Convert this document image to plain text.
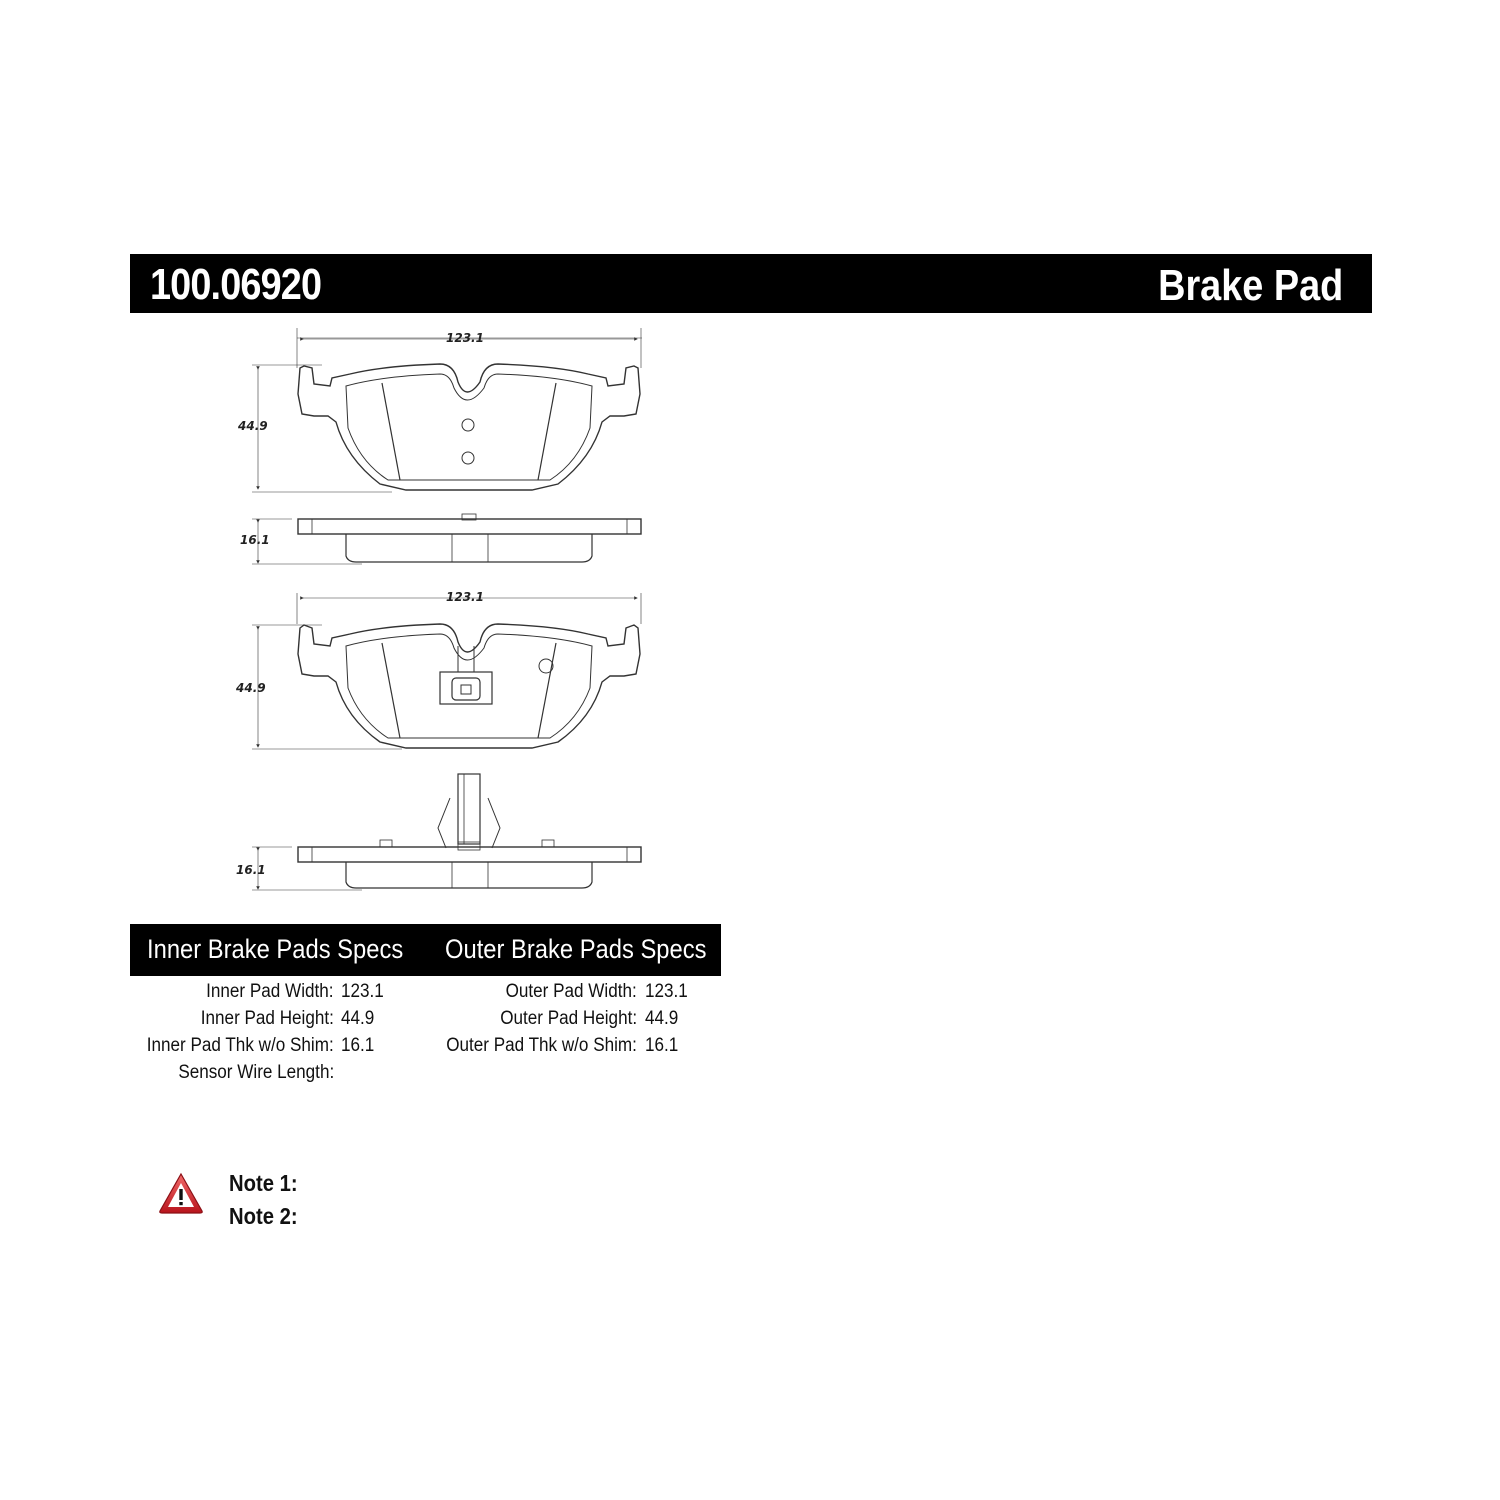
100.06920	Brake Pad
123.1
44.9
16.1
123.1
44.9
16.1
Inner Brake Pads Specs Outer Brake Pads Specs
Inner Pad Width: 123.1
Inner Pad Height: 44.9
Inner Pad Thk w/o Shim: 16.1
Sensor Wire Length:
Outer Pad Width: 123.1
Outer Pad Height: 44.9
Outer Pad Thk w/o Shim: 16.1
Note 1:
Note 2:
